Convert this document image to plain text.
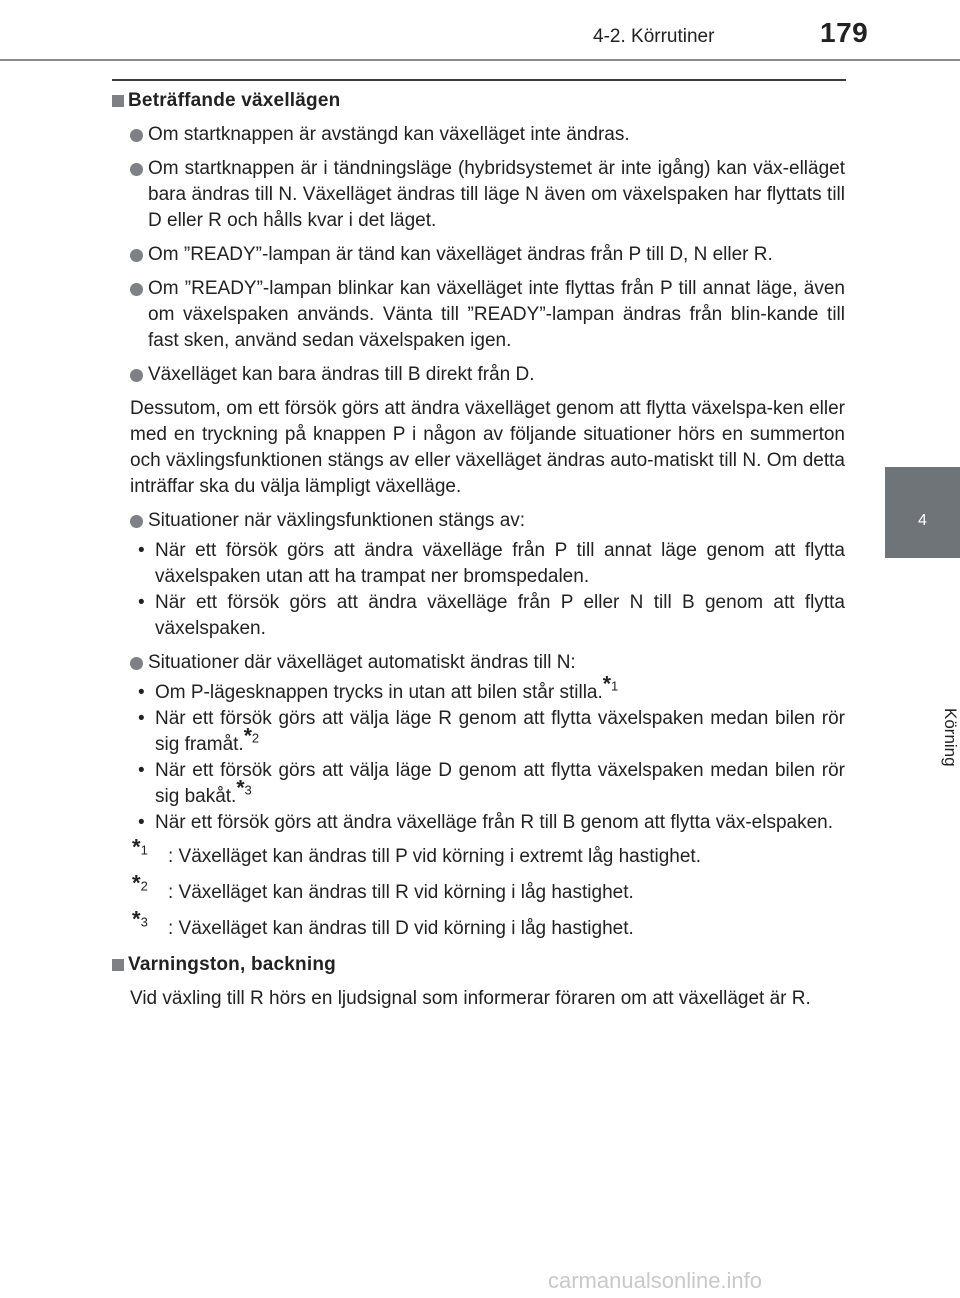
4-2. Körrutiner	179
4
Körning
Beträffande växellägen
Om startknappen är avstängd kan växelläget inte ändras.
Om startknappen är i tändningsläge (hybridsystemet är inte igång) kan väx-elläget bara ändras till N. Växelläget ändras till läge N även om växelspaken har flyttats till D eller R och hålls kvar i det läget.
Om ”READY”-lampan är tänd kan växelläget ändras från P till D, N eller R.
Om ”READY”-lampan blinkar kan växelläget inte flyttas från P till annat läge, även om växelspaken används. Vänta till ”READY”-lampan ändras från blin-kande till fast sken, använd sedan växelspaken igen.
Växelläget kan bara ändras till B direkt från D.

Dessutom, om ett försök görs att ändra växelläget genom att flytta växelspa-ken eller med en tryckning på knappen P i någon av följande situationer hörs en summerton och växlingsfunktionen stängs av eller växelläget ändras auto-matiskt till N. Om detta inträffar ska du välja lämpligt växelläge.

Situationer när växlingsfunktionen stängs av:
• När ett försök görs att ändra växelläge från P till annat läge genom att flytta växelspaken utan att ha trampat ner bromspedalen.
• När ett försök görs att ändra växelläge från P eller N till B genom att flytta växelspaken.
Situationer där växelläget automatiskt ändras till N:
• Om P-lägesknappen trycks in utan att bilen står stilla.*$^1$
• När ett försök görs att välja läge R genom att flytta växelspaken medan bilen rör sig framåt.*$^2$
• När ett försök görs att välja läge D genom att flytta växelspaken medan bilen rör sig bakåt.*$^3$
• När ett försök görs att ändra växelläge från R till B genom att flytta väx-elspaken.
*$^1$ : Växelläget kan ändras till P vid körning i extremt låg hastighet.
*$^2$ : Växelläget kan ändras till R vid körning i låg hastighet.
*$^3$ : Växelläget kan ändras till D vid körning i låg hastighet.
Varningston, backning

Vid växling till R hörs en ljudsignal som informerar föraren om att växelläget är R.

carmanualsonline.info
